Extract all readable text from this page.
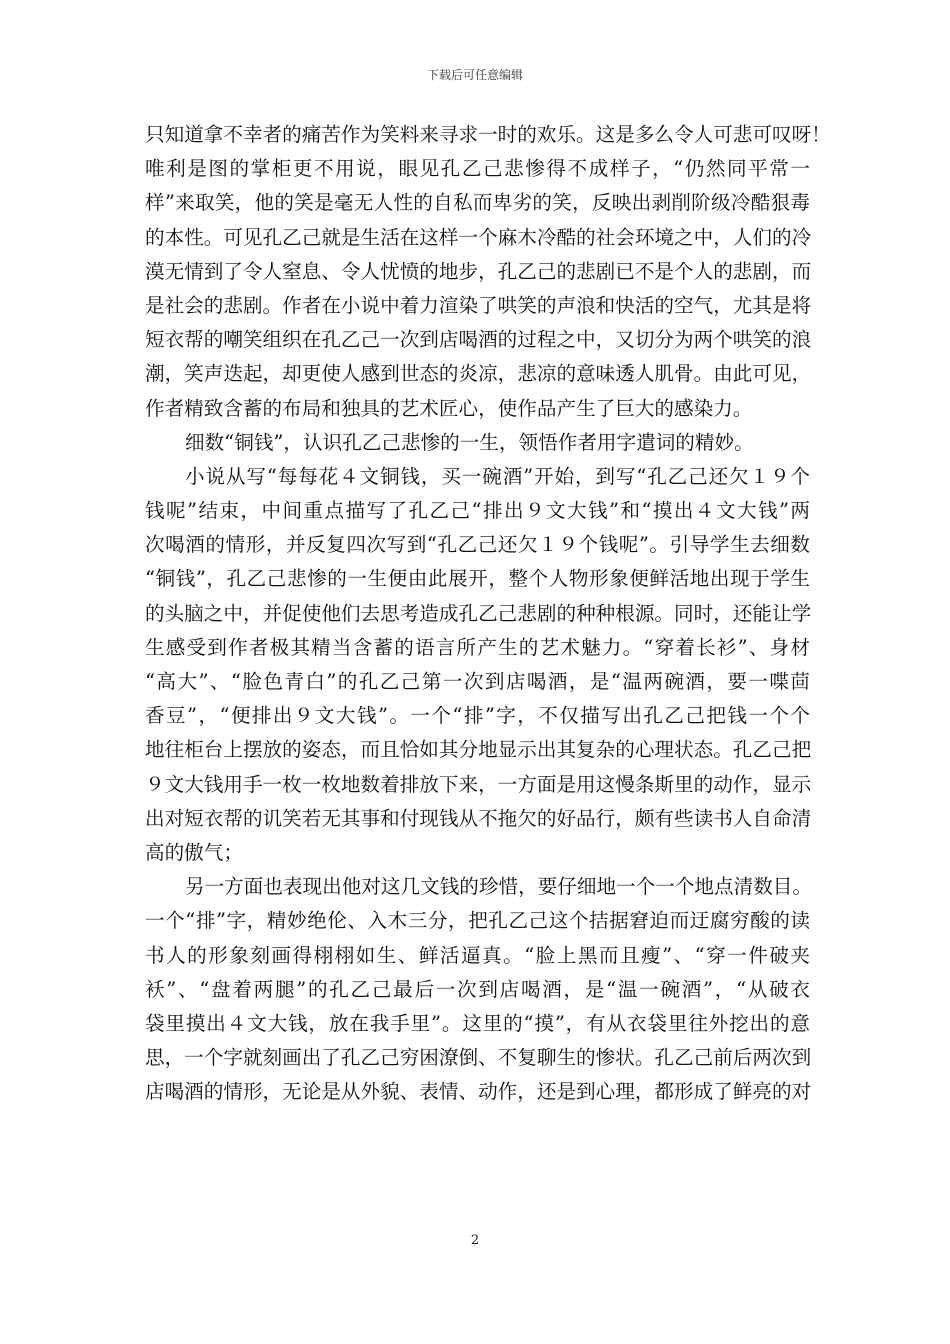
下载后可任意编辑
只知道拿不幸者的痛苦作为笑料来寻求一时的欢乐。这是多么令人可悲可叹呀！
唯利是图的掌柜更不用说，眼见孔乙己悲惨得不成样子，“仍然同平常一
样”来取笑，他的笑是毫无人性的自私而卑劣的笑，反映出剥削阶级冷酷狠毒
的本性。可见孔乙己就是生活在这样一个麻木冷酷的社会环境之中，人们的冷
漠无情到了令人窒息、令人忧愤的地步，孔乙己的悲剧已不是个人的悲剧，而
是社会的悲剧。作者在小说中着力渲染了哄笑的声浪和快活的空气，尤其是将
短衣帮的嘲笑组织在孔乙己一次到店喝酒的过程之中，又切分为两个哄笑的浪
潮，笑声迭起，却更使人感到世态的炎凉，悲凉的意味透人肌骨。由此可见，
作者精致含蓄的布局和独具的艺术匠心，使作品产生了巨大的感染力。
细数“铜钱”，认识孔乙己悲惨的一生，领悟作者用字遣词的精妙。
小说从写“每每花４文铜钱，买一碗酒”开始，到写“孔乙己还欠１９个
钱呢”结束，中间重点描写了孔乙己“排出９文大钱”和“摸出４文大钱”两
次喝酒的情形，并反复四次写到“孔乙己还欠１９个钱呢”。引导学生去细数
“铜钱”，孔乙己悲惨的一生便由此展开，整个人物形象便鲜活地出现于学生
的头脑之中，并促使他们去思考造成孔乙己悲剧的种种根源。同时，还能让学
生感受到作者极其精当含蓄的语言所产生的艺术魅力。“穿着长衫”、身材
“高大”、“脸色青白”的孔乙己第一次到店喝酒，是“温两碗酒，要一喋茴
香豆”，“便排出９文大钱”。一个“排”字，不仅描写出孔乙己把钱一个个
地往柜台上摆放的姿态，而且恰如其分地显示出其复杂的心理状态。孔乙己把
９文大钱用手一枚一枚地数着排放下来，一方面是用这慢条斯里的动作，显示
出对短衣帮的讥笑若无其事和付现钱从不拖欠的好品行，颇有些读书人自命清
高的傲气；
另一方面也表现出他对这几文钱的珍惜，要仔细地一个一个地点清数目。
一个“排”字，精妙绝伦、入木三分，把孔乙己这个拮据窘迫而迂腐穷酸的读
书人的形象刻画得栩栩如生、鲜活逼真。“脸上黑而且瘦”、“穿一件破夹
袄”、“盘着两腿”的孔乙己最后一次到店喝酒，是“温一碗酒”，“从破衣
袋里摸出４文大钱，放在我手里”。这里的“摸”，有从衣袋里往外挖出的意
思，一个字就刻画出了孔乙己穷困潦倒、不复聊生的惨状。孔乙己前后两次到
店喝酒的情形，无论是从外貌、表情、动作，还是到心理，都形成了鲜亮的对
2
